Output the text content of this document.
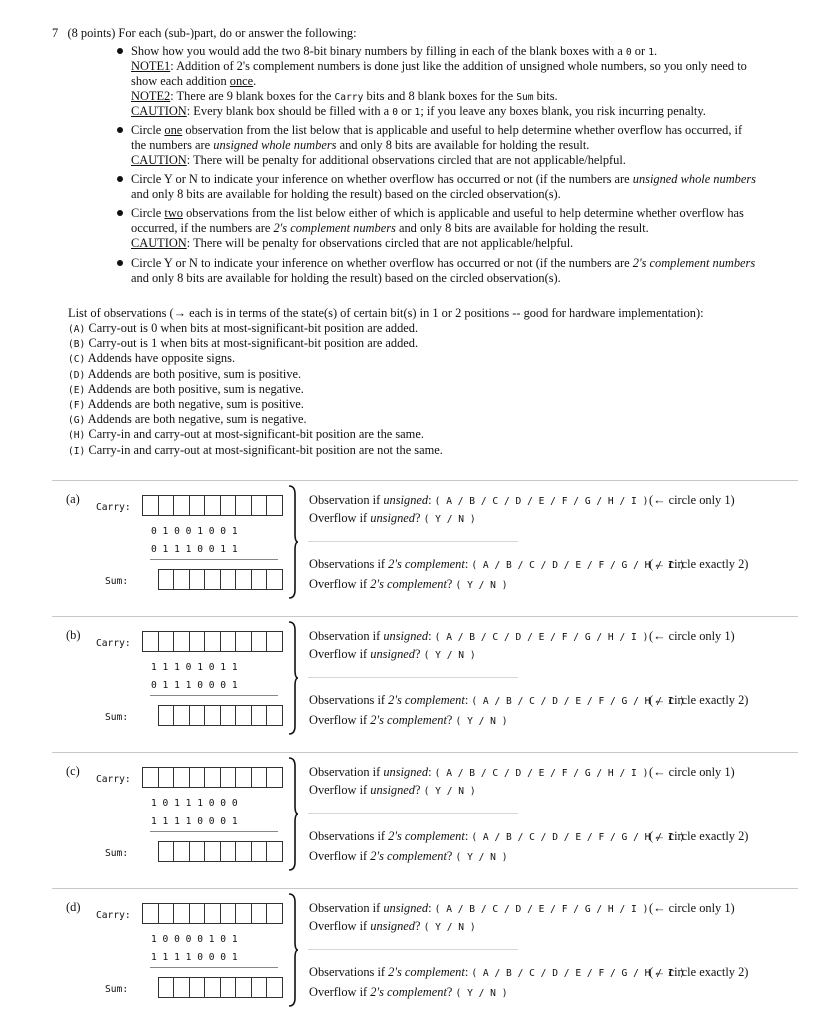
7 (8 points) For each (sub-)part, do or answer the following:
Show how you would add the two 8-bit binary numbers by filling in each of the blank boxes with a 0 or 1.
NOTE1: Addition of 2's complement numbers is done just like the addition of unsigned whole numbers, so you only need to
show each addition once.
NOTE2: There are 9 blank boxes for the Carry bits and 8 blank boxes for the Sum bits.
CAUTION: Every blank box should be filled with a 0 or 1; if you leave any boxes blank, you risk incurring penalty.
Circle one observation from the list below that is applicable and useful to help determine whether overflow has occurred, if
the numbers are unsigned whole numbers and only 8 bits are available for holding the result.
CAUTION: There will be penalty for additional observations circled that are not applicable/helpful.
Circle Y or N to indicate your inference on whether overflow has occurred or not (if the numbers are unsigned whole numbers
and only 8 bits are available for holding the result) based on the circled observation(s).
Circle two observations from the list below either of which is applicable and useful to help determine whether overflow has
occurred, if the numbers are 2's complement numbers and only 8 bits are available for holding the result.
CAUTION: There will be penalty for observations circled that are not applicable/helpful.
Circle Y or N to indicate your inference on whether overflow has occurred or not (if the numbers are 2's complement numbers
and only 8 bits are available for holding the result) based on the circled observation(s).
List of observations (→ each is in terms of the state(s) of certain bit(s) in 1 or 2 positions -- good for hardware implementation):
(A) Carry-out is 0 when bits at most-significant-bit position are added.
(B) Carry-out is 1 when bits at most-significant-bit position are added.
(C) Addends have opposite signs.
(D) Addends are both positive, sum is positive.
(E) Addends are both positive, sum is negative.
(F) Addends are both negative, sum is positive.
(G) Addends are both negative, sum is negative.
(H) Carry-in and carry-out at most-significant-bit position are the same.
(I) Carry-in and carry-out at most-significant-bit position are not the same.
(a)
Carry:
0 1 0 0 1 0 0 1
0 1 1 1 0 0 1 1
Sum:
Observation if unsigned: ( A / B / C / D / E / F / G / H / I ) (← circle only 1)
Overflow if unsigned? ( Y / N )
Observations if 2's complement: ( A / B / C / D / E / F / G / H / I )
(← circle exactly 2)
Overflow if 2's complement? ( Y / N )
(b)
Carry:
1 1 1 0 1 0 1 1
0 1 1 1 0 0 0 1
Sum:
Observation if unsigned: ( A / B / C / D / E / F / G / H / I ) (← circle only 1)
Overflow if unsigned? ( Y / N )
Observations if 2's complement: ( A / B / C / D / E / F / G / H / I )
(← circle exactly 2)
Overflow if 2's complement? ( Y / N )
(c)
Carry:
1 0 1 1 1 0 0 0
1 1 1 1 0 0 0 1
Sum:
Observation if unsigned: ( A / B / C / D / E / F / G / H / I ) (← circle only 1)
Overflow if unsigned? ( Y / N )
Observations if 2's complement: ( A / B / C / D / E / F / G / H / I )
(← circle exactly 2)
Overflow if 2's complement? ( Y / N )
(d)
Carry:
1 0 0 0 0 1 0 1
1 1 1 1 0 0 0 1
Sum:
Observation if unsigned: ( A / B / C / D / E / F / G / H / I ) (← circle only 1)
Overflow if unsigned? ( Y / N )
Observations if 2's complement: ( A / B / C / D / E / F / G / H / I )
(← circle exactly 2)
Overflow if 2's complement? ( Y / N )
